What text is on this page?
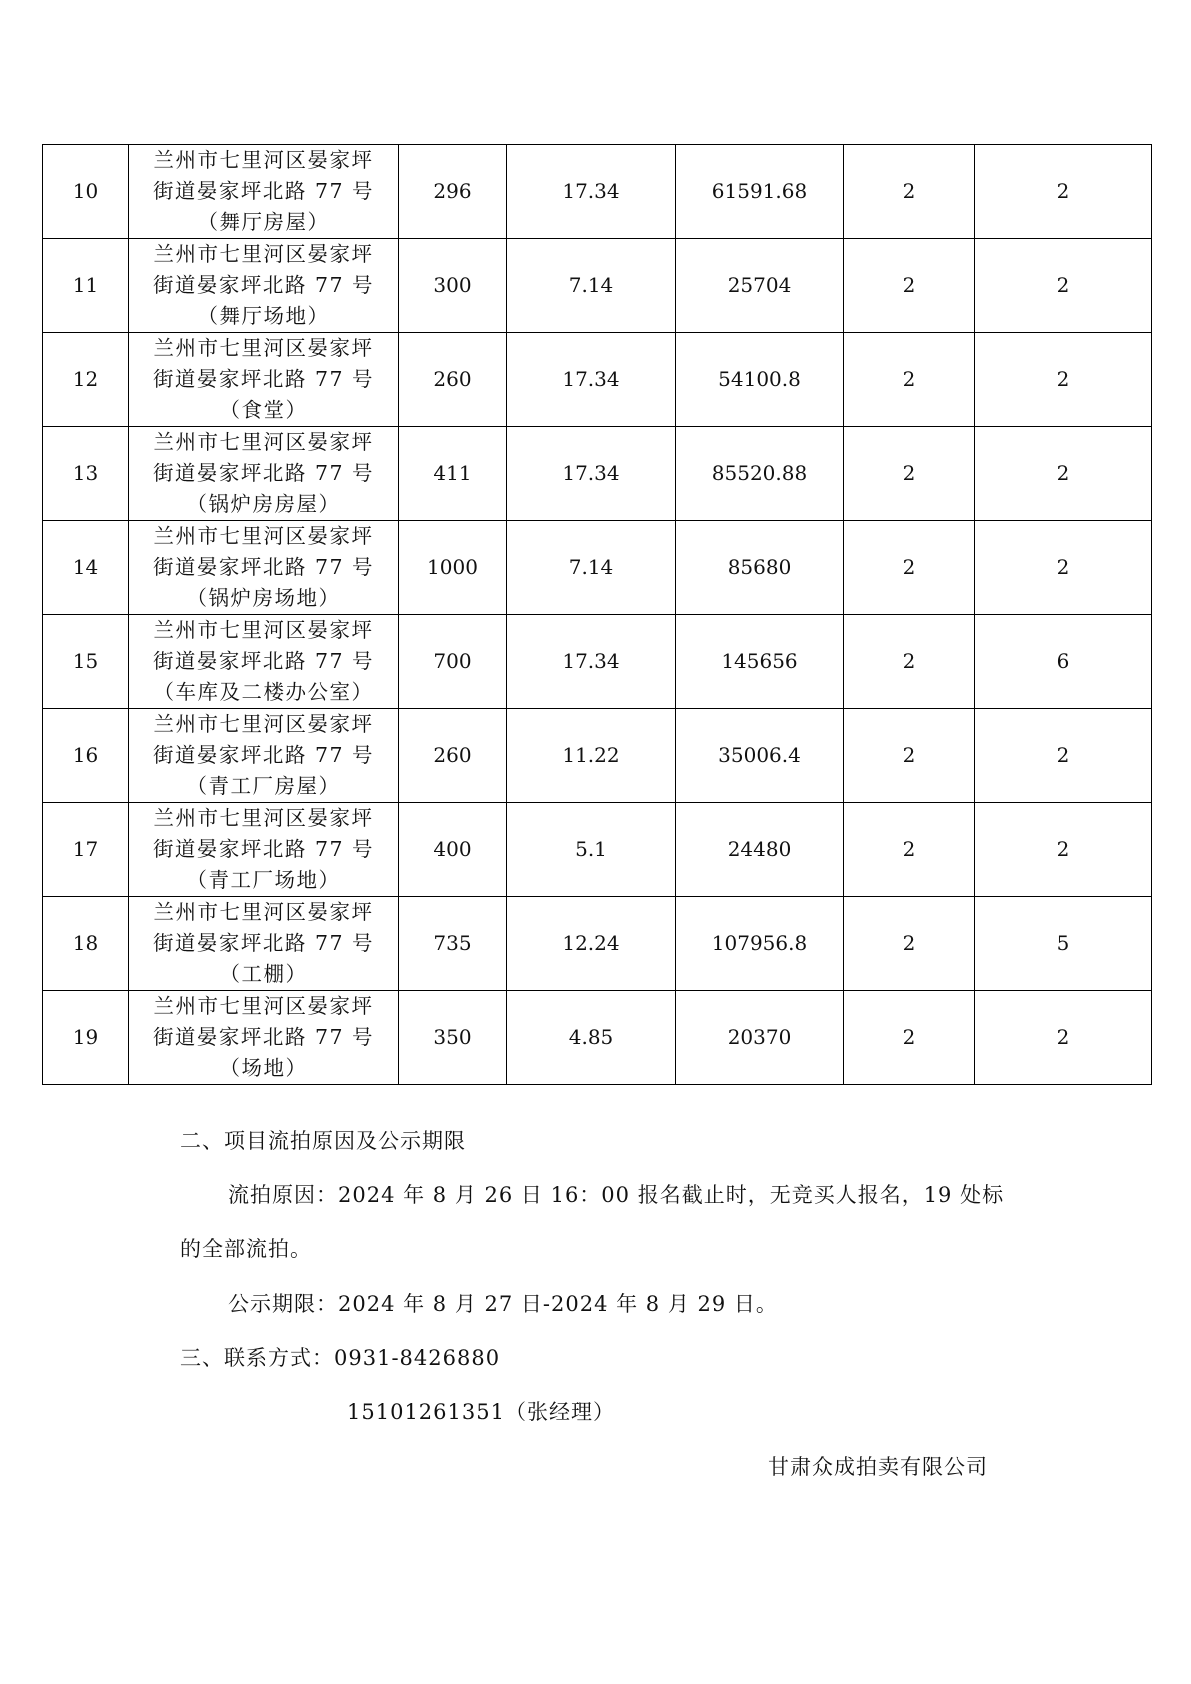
10	兰州市七里河区晏家坪
街道晏家坪北路 77 号
（舞厅房屋）	296	17.34	61591.68	2	2
11	兰州市七里河区晏家坪
街道晏家坪北路 77 号
（舞厅场地）	300	7.14	25704	2	2
12	兰州市七里河区晏家坪
街道晏家坪北路 77 号
（食堂）	260	17.34	54100.8	2	2
13	兰州市七里河区晏家坪
街道晏家坪北路 77 号
（锅炉房房屋）	411	17.34	85520.88	2	2
14	兰州市七里河区晏家坪
街道晏家坪北路 77 号
（锅炉房场地）	1000	7.14	85680	2	2
15	兰州市七里河区晏家坪
街道晏家坪北路 77 号
（车库及二楼办公室）	700	17.34	145656	2	6
16	兰州市七里河区晏家坪
街道晏家坪北路 77 号
（青工厂房屋）	260	11.22	35006.4	2	2
17	兰州市七里河区晏家坪
街道晏家坪北路 77 号
（青工厂场地）	400	5.1	24480	2	2
18	兰州市七里河区晏家坪
街道晏家坪北路 77 号
（工棚）	735	12.24	107956.8	2	5
19	兰州市七里河区晏家坪
街道晏家坪北路 77 号
（场地）	350	4.85	20370	2	2
二、项目流拍原因及公示期限
流拍原因：2024 年 8 月 26 日 16：00 报名截止时，无竞买人报名，19 处标
的全部流拍。
公示期限：2024 年 8 月 27 日-2024 年 8 月 29 日。
三、联系方式：0931-8426880
15101261351（张经理）
甘肃众成拍卖有限公司
